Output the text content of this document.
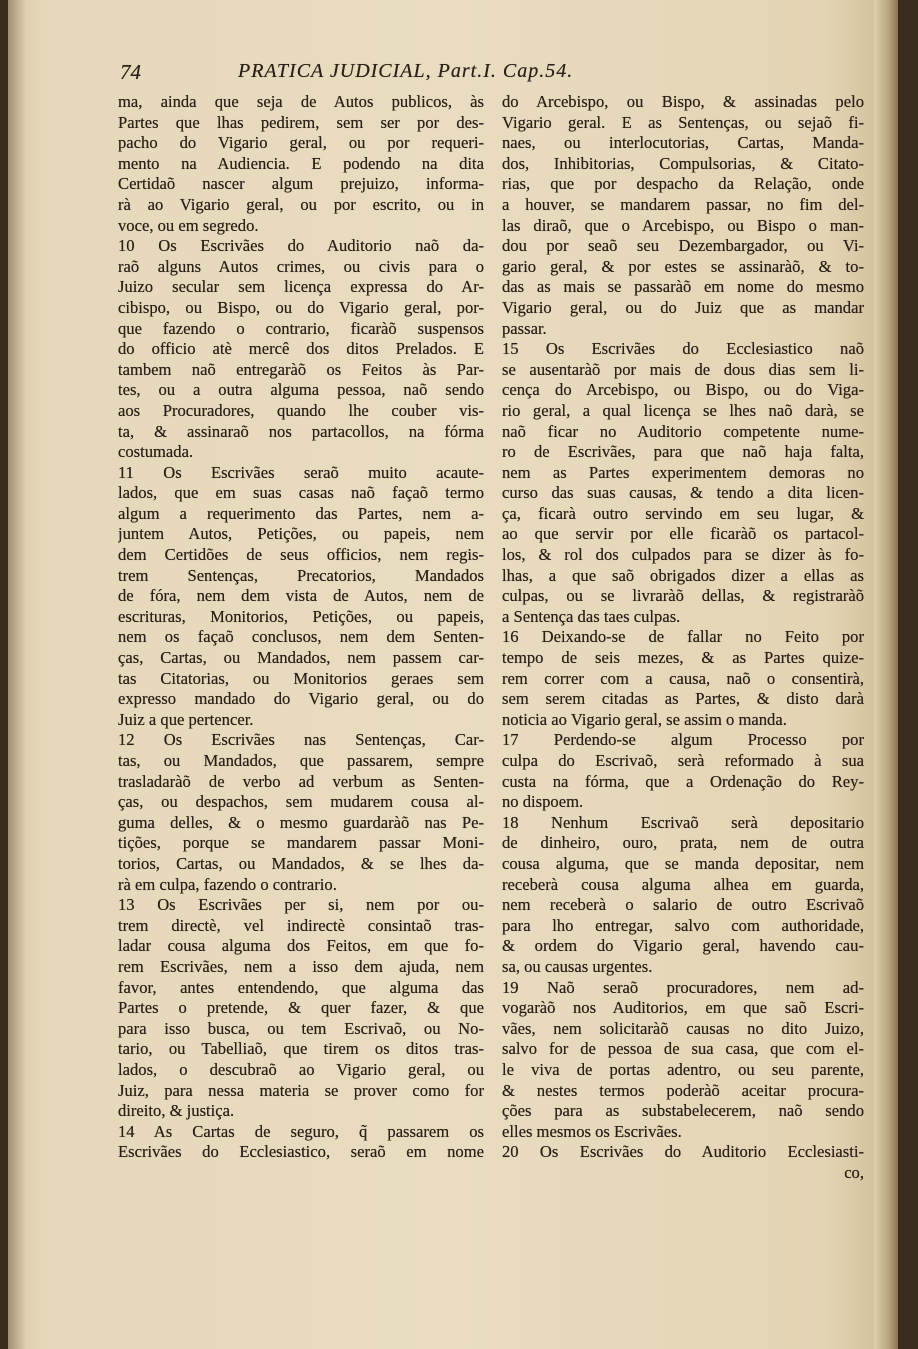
74	PRATICA JUDICIAL, Part.I. Cap.54.
ma, ainda que seja de Autos publicos, às
Partes que lhas pedirem, sem ser por des-
pacho do Vigario geral, ou por requeri-
mento na Audiencia. E podendo na dita
Certidaõ nascer algum prejuizo, informa-
rà ao Vigario geral, ou por escrito, ou in
voce, ou em segredo.
10 Os Escrivães do Auditorio naõ da-
raõ alguns Autos crimes, ou civis para o
Juizo secular sem licença expressa do Ar-
cibispo, ou Bispo, ou do Vigario geral, por-
que fazendo o contrario, ficaràõ suspensos
do officio atè mercê dos ditos Prelados. E
tambem naõ entregaràõ os Feitos às Par-
tes, ou a outra alguma pessoa, naõ sendo
aos Procuradores, quando lhe couber vis-
ta, & assinaraõ nos partacollos, na fórma
costumada.
11 Os Escrivães seraõ muito acaute-
lados, que em suas casas naõ façaõ termo
algum a requerimento das Partes, nem a-
juntem Autos, Petições, ou papeis, nem
dem Certidões de seus officios, nem regis-
trem Sentenças, Precatorios, Mandados
de fóra, nem dem vista de Autos, nem de
escrituras, Monitorios, Petições, ou papeis,
nem os façaõ conclusos, nem dem Senten-
ças, Cartas, ou Mandados, nem passem car-
tas Citatorias, ou Monitorios geraes sem
expresso mandado do Vigario geral, ou do
Juiz a que pertencer.
12 Os Escrivães nas Sentenças, Car-
tas, ou Mandados, que passarem, sempre
trasladaràõ de verbo ad verbum as Senten-
ças, ou despachos, sem mudarem cousa al-
guma delles, & o mesmo guardaràõ nas Pe-
tições, porque se mandarem passar Moni-
torios, Cartas, ou Mandados, & se lhes da-
rà em culpa, fazendo o contrario.
13 Os Escrivães per si, nem por ou-
trem directè, vel indirectè consintaõ tras-
ladar cousa alguma dos Feitos, em que fo-
rem Escrivães, nem a isso dem ajuda, nem
favor, antes entendendo, que alguma das
Partes o pretende, & quer fazer, & que
para isso busca, ou tem Escrivaõ, ou No-
tario, ou Tabelliaõ, que tirem os ditos tras-
lados, o descubraõ ao Vigario geral, ou
Juiz, para nessa materia se prover como for
direito, & justiça.
14 As Cartas de seguro, q̃ passarem os
Escrivães do Ecclesiastico, seraõ em nome
do Arcebispo, ou Bispo, & assinadas pelo
Vigario geral. E as Sentenças, ou sejaõ fi-
naes, ou interlocutorias, Cartas, Manda-
dos, Inhibitorias, Compulsorias, & Citato-
rias, que por despacho da Relação, onde
a houver, se mandarem passar, no fim del-
las diraõ, que o Arcebispo, ou Bispo o man-
dou por seaõ seu Dezembargador, ou Vi-
gario geral, & por estes se assinaràõ, & to-
das as mais se passaràõ em nome do mesmo
Vigario geral, ou do Juiz que as mandar
passar.
15 Os Escrivães do Ecclesiastico naõ
se ausentaràõ por mais de dous dias sem li-
cença do Arcebispo, ou Bispo, ou do Viga-
rio geral, a qual licença se lhes naõ darà, se
naõ ficar no Auditorio competente nume-
ro de Escrivães, para que naõ haja falta,
nem as Partes experimentem demoras no
curso das suas causas, & tendo a dita licen-
ça, ficarà outro servindo em seu lugar, &
ao que servir por elle ficaràõ os partacol-
los, & rol dos culpados para se dizer às fo-
lhas, a que saõ obrigados dizer a ellas as
culpas, ou se livraràõ dellas, & registraràõ
a Sentença das taes culpas.
16 Deixando-se de fallar no Feito por
tempo de seis mezes, & as Partes quize-
rem correr com a causa, naõ o consentirà,
sem serem citadas as Partes, & disto darà
noticia ao Vigario geral, se assim o manda.
17 Perdendo-se algum Processo por
culpa do Escrivaõ, serà reformado à sua
custa na fórma, que a Ordenação do Rey-
no dispoem.
18 Nenhum Escrivaõ serà depositario
de dinheiro, ouro, prata, nem de outra
cousa alguma, que se manda depositar, nem
receberà cousa alguma alhea em guarda,
nem receberà o salario de outro Escrivaõ
para lho entregar, salvo com authoridade,
& ordem do Vigario geral, havendo cau-
sa, ou causas urgentes.
19 Naõ seraõ procuradores, nem ad-
vogaràõ nos Auditorios, em que saõ Escri-
vães, nem solicitaràõ causas no dito Juizo,
salvo for de pessoa de sua casa, que com el-
le viva de portas adentro, ou seu parente,
& nestes termos poderàõ aceitar procura-
ções para as substabelecerem, naõ sendo
elles mesmos os Escrivães.
20 Os Escrivães do Auditorio Ecclesiasti-
co,
